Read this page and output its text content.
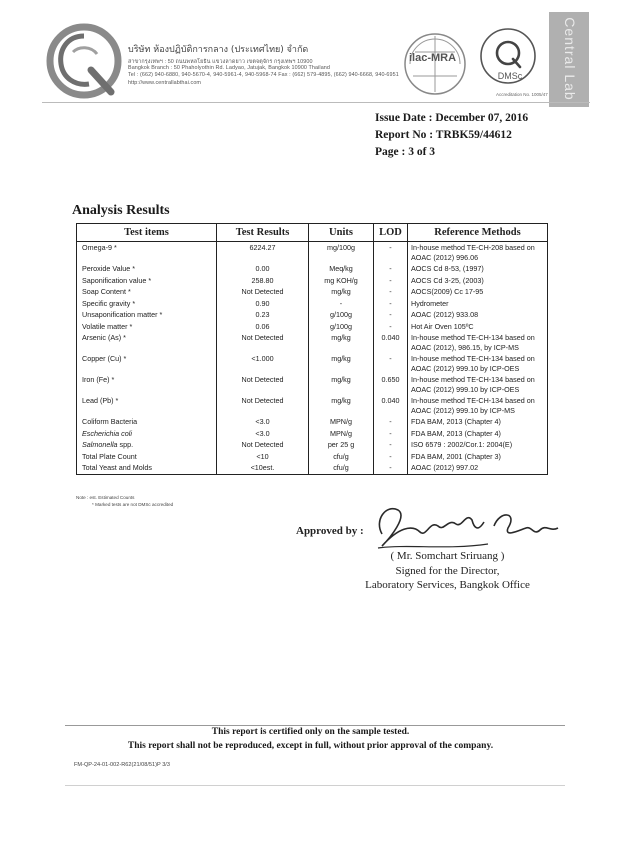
บริษัท ห้องปฏิบัติการกลาง (ประเทศไทย) จำกัด
สาขากรุงเทพฯ : 50 ถนนพหลโยธิน แขวงลาดยาว เขตจตุจักร กรุงเทพฯ 10900
Bangkok Branch : 50 Phaholyothin Rd. Ladyao, Jatujak, Bangkok 10900 Thailand
Tel : (662) 940-6880, 940-5670-4, 940-5961-4, 940-5968-74 Fax : (662) 579-4895, (662) 940-6668, 940-6951
http://www.centrallabthai.com
ilac-MRA
DMSc
Accreditation No. 1005/47 Central Lab
Issue Date : December 07, 2016
Report No : TRBK59/44612
Page : 3 of 3
Analysis Results
Test items	Test Results	Units	LOD	Reference Methods
Omega-9 *	6224.27	mg/100g	-	In-house method TE-CH-208 based on
AOAC (2012) 996.06

Peroxide Value *	0.00	Meq/kg	-	AOCS Cd 8-53, (1997)

Saponification value *	258.80	mg KOH/g	-	AOCS Cd 3-25, (2003)

Soap Content *	Not Detected	mg/kg	-	AOCS(2009) Cc 17-95

Specific gravity *	0.90	-	-	Hydrometer

Unsaponification matter *	0.23	g/100g	-	AOAC (2012) 933.08

Volatile matter *	0.06	g/100g	-	Hot Air Oven 105ºC

Arsenic (As) *	Not Detected	mg/kg	0.040	In-house method TE-CH-134 based on
AOAC (2012), 986.15, by ICP-MS

Copper (Cu) *	<1.000	mg/kg	-	In-house method TE-CH-134 based on
AOAC (2012) 999.10 by ICP-OES

Iron (Fe) *	Not Detected	mg/kg	0.650	In-house method TE-CH-134 based on
AOAC (2012) 999.10 by ICP-OES

Lead (Pb) *	Not Detected	mg/kg	0.040	In-house method TE-CH-134 based on
AOAC (2012) 999.10 by ICP-MS

Coliform Bacteria	<3.0	MPN/g	-	FDA BAM, 2013 (Chapter 4)

Escherichia coli	<3.0	MPN/g	-	FDA BAM, 2013 (Chapter 4)

Salmonella spp.	Not Detected	per 25 g	-	ISO 6579 : 2002/Cor.1: 2004(E)

Total Plate Count	<10	cfu/g	-	FDA BAM, 2001 (Chapter 3)

Total Yeast and Molds	<10est.	cfu/g	-	AOAC (2012) 997.02
Note : est. Estimated Counts
* Marked tests are not DMSc accredited
Approved by :
( Mr. Somchart Sriruang )
Signed for the Director,
Laboratory Services, Bangkok Office
This report is certified only on the sample tested.
This report shall not be reproduced, except in full, without prior approval of the company.
FM-QP-24-01-002-R62(21/08/51)P 3/3
